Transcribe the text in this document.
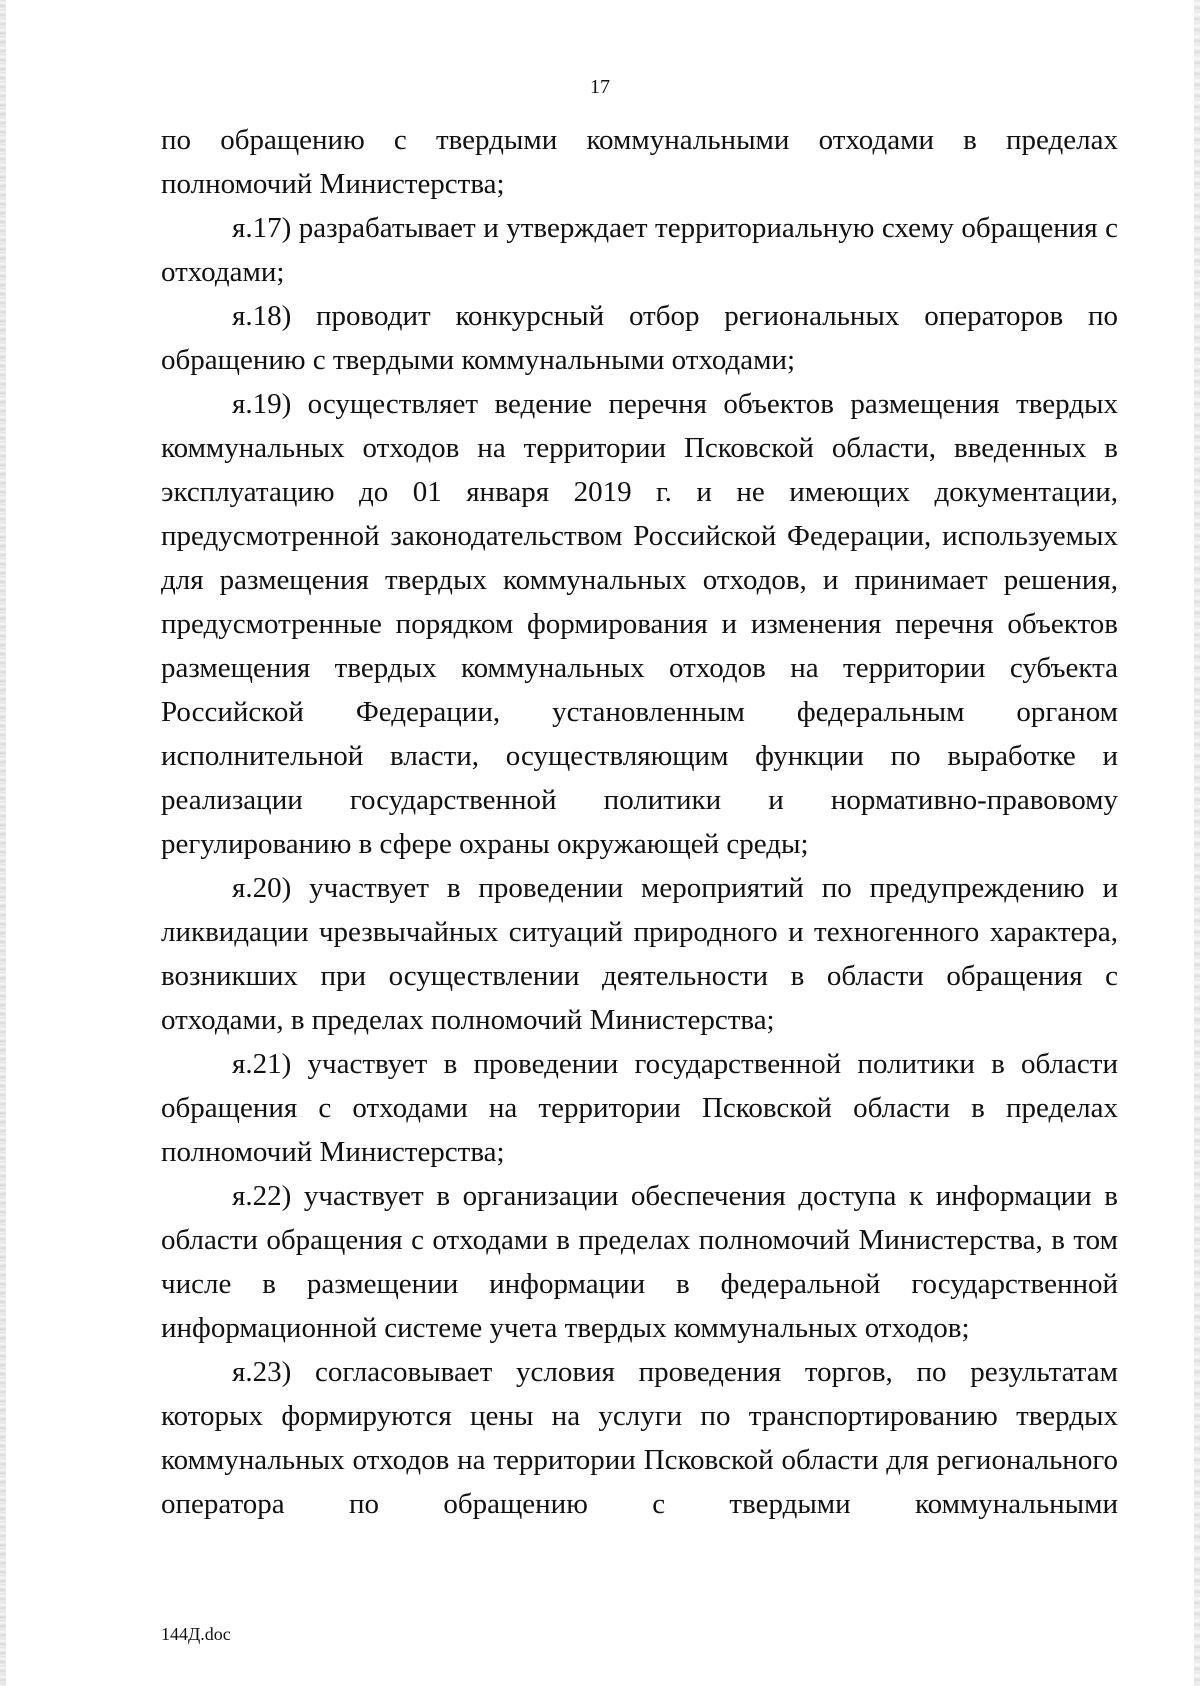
17

по обращению с твердыми коммунальными отходами в пределах полномочий Министерства;

я.17) разрабатывает и утверждает территориальную схему обращения с отходами;

я.18) проводит конкурсный отбор региональных операторов по обращению с твердыми коммунальными отходами;

я.19) осуществляет ведение перечня объектов размещения твердых коммунальных отходов на территории Псковской области, введенных в эксплуатацию до 01 января 2019 г. и не имеющих документации, предусмотренной законодательством Российской Федерации, используемых для размещения твердых коммунальных отходов, и принимает решения, предусмотренные порядком формирования и изменения перечня объектов размещения твердых коммунальных отходов на территории субъекта Российской Федерации, установленным федеральным органом исполнительной власти, осуществляющим функции по выработке и реализации государственной политики и нормативно-правовому регулированию в сфере охраны окружающей среды;

я.20) участвует в проведении мероприятий по предупреждению и ликвидации чрезвычайных ситуаций природного и техногенного характера, возникших при осуществлении деятельности в области обращения с отходами, в пределах полномочий Министерства;

я.21) участвует в проведении государственной политики в области обращения с отходами на территории Псковской области в пределах полномочий Министерства;

я.22) участвует в организации обеспечения доступа к информации в области обращения с отходами в пределах полномочий Министерства, в том числе в размещении информации в федеральной государственной информационной системе учета твердых коммунальных отходов;

я.23) согласовывает условия проведения торгов, по результатам которых формируются цены на услуги по транспортированию твердых коммунальных отходов на территории Псковской области для регионального оператора по обращению с твердыми коммунальными

144Д.doc
